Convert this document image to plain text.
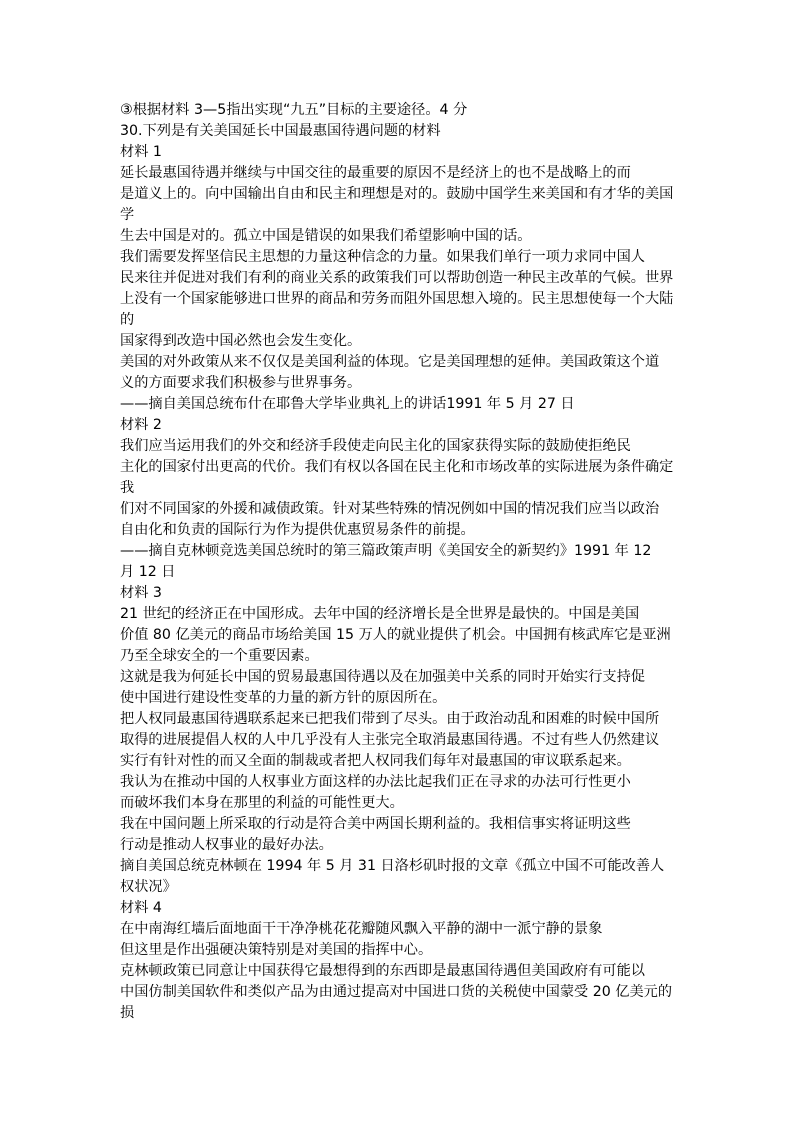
③根据材料 3—5指出实现“九五”目标的主要途径。4 分

30.下列是有关美国延长中国最惠国待遇问题的材料

材料 1

延长最惠国待遇并继续与中国交往的最重要的原因不是经济上的也不是战略上的而

是道义上的。向中国输出自由和民主和理想是对的。鼓励中国学生来美国和有才华的美国

学

生去中国是对的。孤立中国是错误的如果我们希望影响中国的话。

我们需要发挥坚信民主思想的力量这种信念的力量。如果我们单行一项力求同中国人

民来往并促进对我们有利的商业关系的政策我们可以帮助创造一种民主改革的气候。世界

上没有一个国家能够进口世界的商品和劳务而阻外国思想入境的。民主思想使每一个大陆

的

国家得到改造中国必然也会发生变化。

美国的对外政策从来不仅仅是美国利益的体现。它是美国理想的延伸。美国政策这个道

义的方面要求我们积极参与世界事务。

——摘自美国总统布什在耶鲁大学毕业典礼上的讲话1991 年 5 月 27 日

材料 2

我们应当运用我们的外交和经济手段使走向民主化的国家获得实际的鼓励使拒绝民

主化的国家付出更高的代价。我们有权以各国在民主化和市场改革的实际进展为条件确定

我

们对不同国家的外援和减债政策。针对某些特殊的情况例如中国的情况我们应当以政治

自由化和负责的国际行为作为提供优惠贸易条件的前提。

——摘自克林顿竞选美国总统时的第三篇政策声明《美国安全的新契约》1991 年 12

月 12 日

材料 3

21 世纪的经济正在中国形成。去年中国的经济增长是全世界是最快的。中国是美国

价值 80 亿美元的商品市场给美国 15 万人的就业提供了机会。中国拥有核武库它是亚洲

乃至全球安全的一个重要因素。

这就是我为何延长中国的贸易最惠国待遇以及在加强美中关系的同时开始实行支持促

使中国进行建设性变革的力量的新方针的原因所在。

把人权同最惠国待遇联系起来已把我们带到了尽头。由于政治动乱和困难的时候中国所

取得的进展提倡人权的人中几乎没有人主张完全取消最惠国待遇。不过有些人仍然建议

实行有针对性的而又全面的制裁或者把人权同我们每年对最惠国的审议联系起来。

我认为在推动中国的人权事业方面这样的办法比起我们正在寻求的办法可行性更小

而破坏我们本身在那里的利益的可能性更大。

我在中国问题上所采取的行动是符合美中两国长期利益的。我相信事实将证明这些

行动是推动人权事业的最好办法。

摘自美国总统克林顿在 1994 年 5 月 31 日洛杉矶时报的文章《孤立中国不可能改善人

权状况》

材料 4

在中南海红墙后面地面干干净净桃花花瓣随风飘入平静的湖中一派宁静的景象

但这里是作出强硬决策特别是对美国的指挥中心。

克林顿政策已同意让中国获得它最想得到的东西即是最惠国待遇但美国政府有可能以

中国仿制美国软件和类似产品为由通过提高对中国进口货的关税使中国蒙受 20 亿美元的

损
